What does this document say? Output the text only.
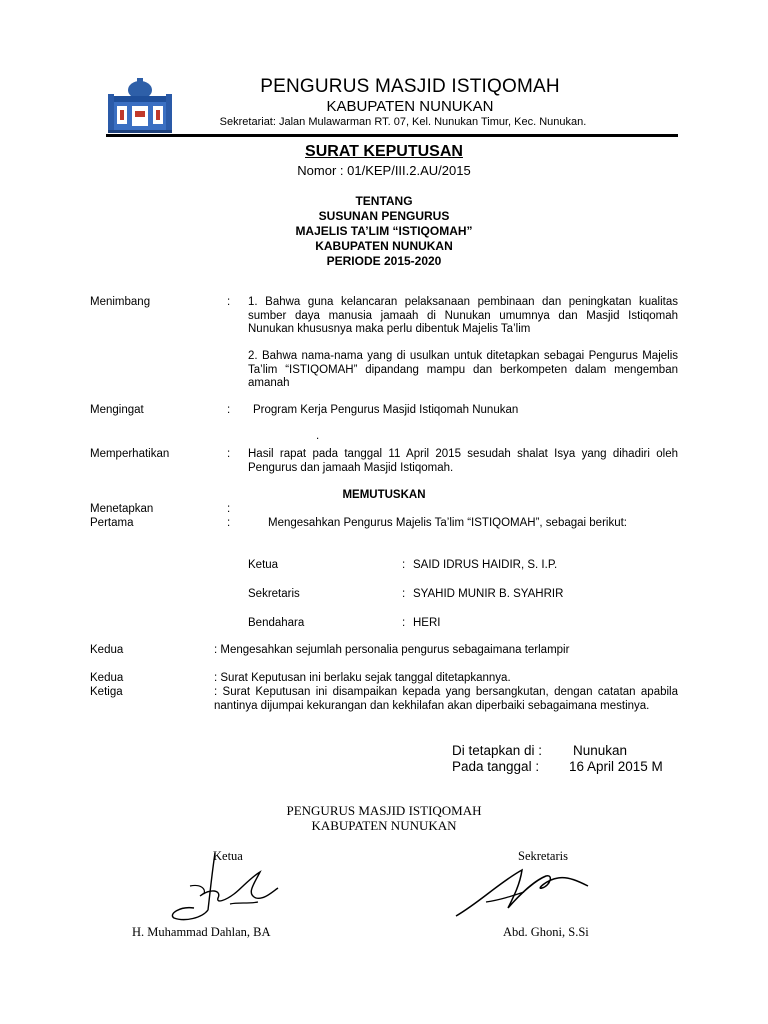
PENGURUS MASJID ISTIQOMAH
KABUPATEN NUNUKAN
Sekretariat: Jalan Mulawarman RT. 07, Kel. Nunukan Timur, Kec. Nunukan.
SURAT KEPUTUSAN
Nomor : 01/KEP/III.2.AU/2015
TENTANG
SUSUNAN PENGURUS
MAJELIS TA’LIM “ISTIQOMAH”
KABUPATEN NUNUKAN
PERIODE 2015-2020
Menimbang	: 1. Bahwa guna kelancaran pelaksanaan pembinaan dan peningkatan kualitas sumber daya manusia jamaah di Nunukan umumnya dan Masjid Istiqomah Nunukan khususnya maka perlu dibentuk Majelis Ta’lim
2. Bahwa nama-nama yang di usulkan untuk ditetapkan sebagai Pengurus Majelis Ta’lim “ISTIQOMAH” dipandang mampu dan berkompeten dalam mengemban amanah
Mengingat	: Program Kerja Pengurus Masjid Istiqomah Nunukan
.
Memperhatikan	: Hasil rapat pada tanggal 11 April 2015 sesudah shalat Isya yang dihadiri oleh Pengurus dan jamaah Masjid Istiqomah.
MEMUTUSKAN
Menetapkan	:
Pertama	:	Mengesahkan Pengurus Majelis Ta’lim “ISTIQOMAH”, sebagai berikut:
Ketua	: SAID IDRUS HAIDIR, S. I.P.
Sekretaris	: SYAHID MUNIR B. SYAHRIR
Bendahara	: HERI
Kedua	: Mengesahkan sejumlah personalia pengurus sebagaimana terlampir
Kedua	: Surat Keputusan ini berlaku sejak tanggal ditetapkannya.
Ketiga	: Surat Keputusan ini disampaikan kepada yang bersangkutan, dengan catatan apabila nantinya dijumpai kekurangan dan kekhilafan akan diperbaiki sebagaimana mestinya.
Di tetapkan di : Nunukan
Pada tanggal : 16 April 2015 M
PENGURUS MASJID ISTIQOMAH
KABUPATEN NUNUKAN
Ketua	Sekretaris
H. Muhammad Dahlan, BA	Abd. Ghoni, S.Si
